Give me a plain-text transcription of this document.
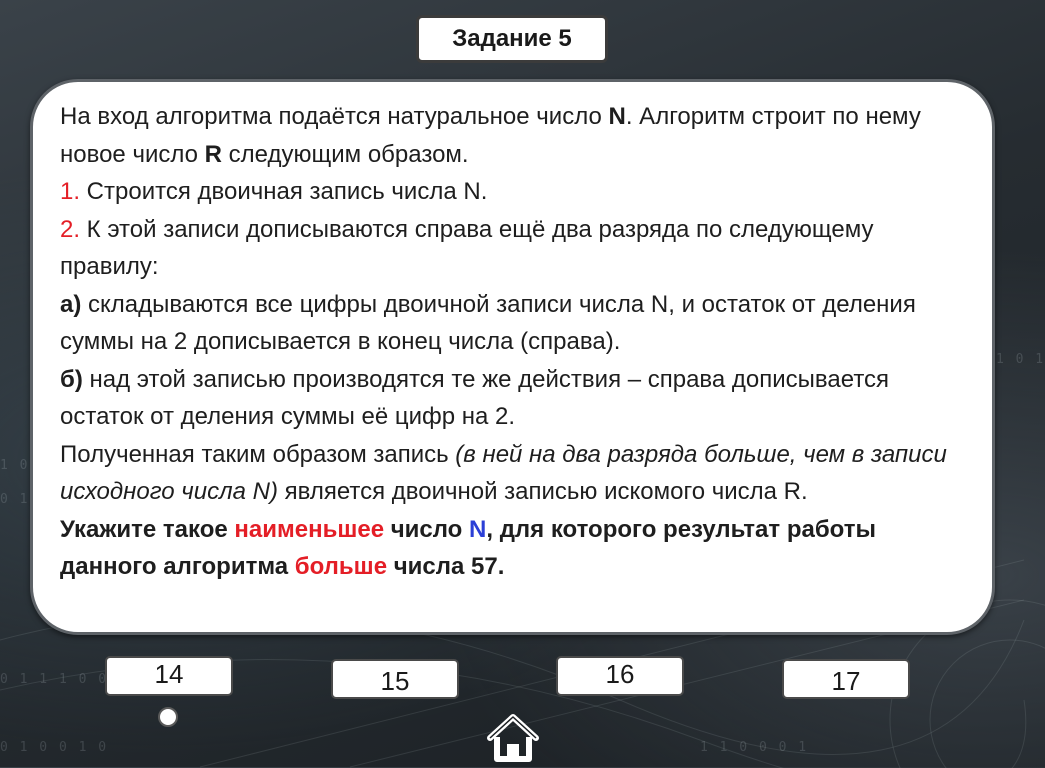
1 0 1
1 0
0 1
0 1 1 1 0 0 0
0 1 0 0 1 0	1 1 0 0 0 1
Задание 5

На вход алгоритма подаётся натуральное число N. Алгоритм строит по нему новое число R следующим образом.

1. Строится двоичная запись числа N.

2. К этой записи дописываются справа ещё два разряда по следующему правилу:

а) складываются все цифры двоичной записи числа N, и остаток от деления суммы на 2 дописывается в конец числа (справа).

б) над этой записью производятся те же действия – справа дописывается остаток от деления суммы её цифр на 2.

Полученная таким образом запись (в ней на два разряда больше, чем в записи исходного числа N) является двоичной записью искомого числа R.

Укажите такое наименьшее число N, для которого результат работы данного алгоритма больше числа 57.

14	15	16	17
